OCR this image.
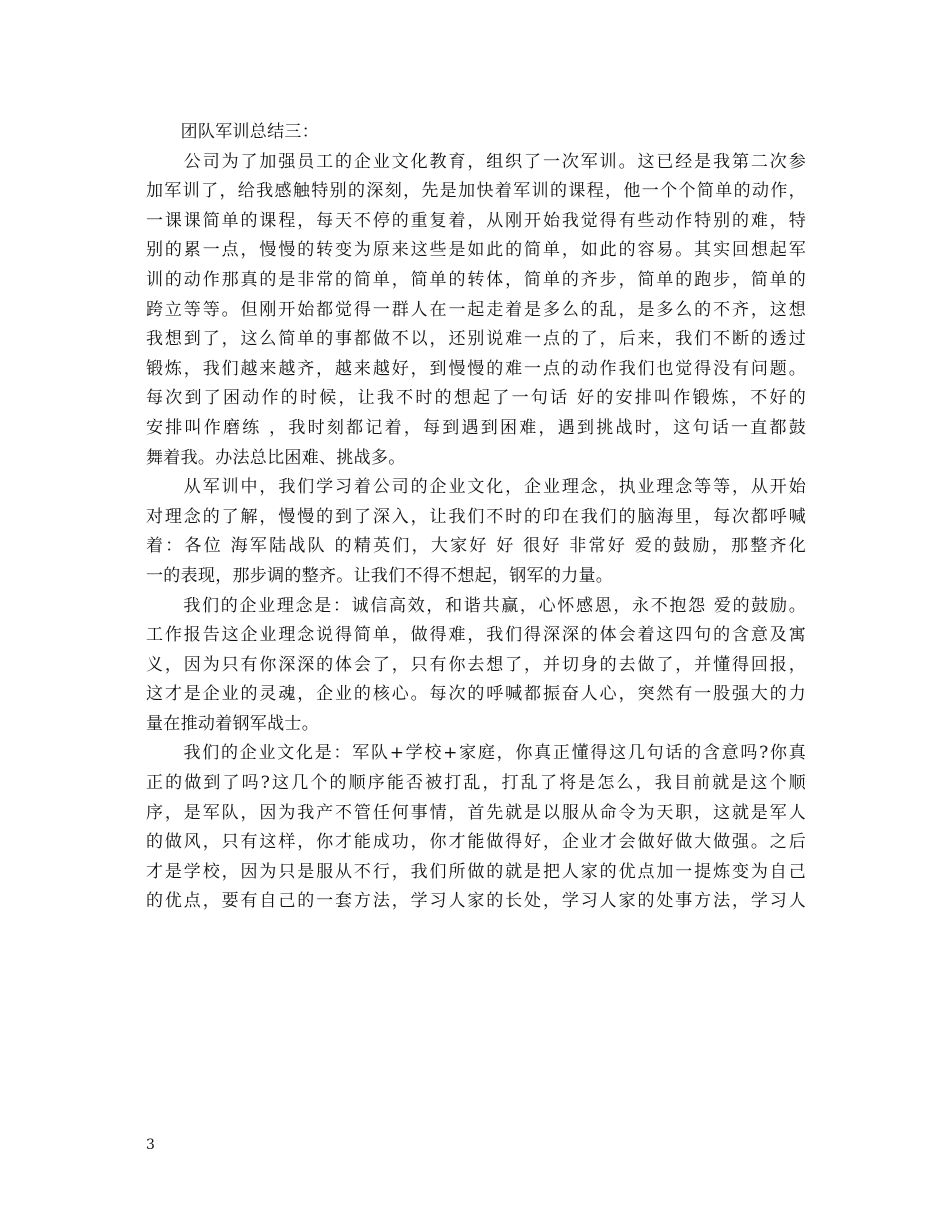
　　团队军训总结三：
　　公司为了加强员工的企业文化教育，组织了一次军训。这已经是我第二次参
加军训了，给我感触特别的深刻，先是加快着军训的课程，他一个个简单的动作，
一课课简单的课程，每天不停的重复着，从刚开始我觉得有些动作特别的难，特
别的累一点，慢慢的转变为原来这些是如此的简单，如此的容易。其实回想起军
训的动作那真的是非常的简单，简单的转体，简单的齐步，简单的跑步，简单的
跨立等等。但刚开始都觉得一群人在一起走着是多么的乱，是多么的不齐，这想
我想到了，这么简单的事都做不以，还别说难一点的了，后来，我们不断的透过
锻炼，我们越来越齐，越来越好，到慢慢的难一点的动作我们也觉得没有问题。
每次到了困动作的时候，让我不时的想起了一句话 好的安排叫作锻炼，不好的
安排叫作磨练 ，我时刻都记着，每到遇到困难，遇到挑战时，这句话一直都鼓
舞着我。办法总比困难、挑战多。
　　从军训中，我们学习着公司的企业文化，企业理念，执业理念等等，从开始
对理念的了解，慢慢的到了深入，让我们不时的印在我们的脑海里，每次都呼喊
着：各位 海军陆战队 的精英们，大家好 好 很好 非常好 爱的鼓励，那整齐化
一的表现，那步调的整齐。让我们不得不想起，钢军的力量。
　　我们的企业理念是：诚信高效，和谐共赢，心怀感恩，永不抱怨 爱的鼓励。
工作报告这企业理念说得简单，做得难，我们得深深的体会着这四句的含意及寓
义，因为只有你深深的体会了，只有你去想了，并切身的去做了，并懂得回报，
这才是企业的灵魂，企业的核心。每次的呼喊都振奋人心，突然有一股强大的力
量在推动着钢军战士。
　　我们的企业文化是：军队+学校+家庭，你真正懂得这几句话的含意吗?你真
正的做到了吗?这几个的顺序能否被打乱，打乱了将是怎么，我目前就是这个顺
序，是军队，因为我产不管任何事情，首先就是以服从命令为天职，这就是军人
的做风，只有这样，你才能成功，你才能做得好，企业才会做好做大做强。之后
才是学校，因为只是服从不行，我们所做的就是把人家的优点加一提炼变为自己
的优点，要有自己的一套方法，学习人家的长处，学习人家的处事方法，学习人
3
